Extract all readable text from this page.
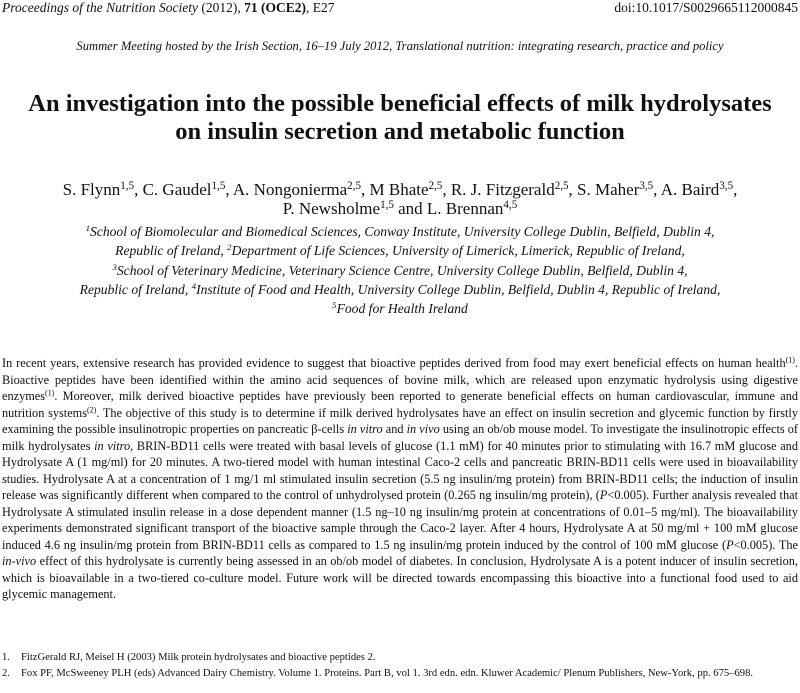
Proceedings of the Nutrition Society (2012), 71 (OCE2), E27	doi:10.1017/S0029665112000845
Summer Meeting hosted by the Irish Section, 16–19 July 2012, Translational nutrition: integrating research, practice and policy
An investigation into the possible beneficial effects of milk hydrolysates
on insulin secretion and metabolic function
S. Flynn$^{1,5}$, C. Gaudel$^{1,5}$, A. Nongonierma$^{2,5}$, M Bhate$^{2,5}$, R. J. Fitzgerald$^{2,5}$, S. Maher$^{3,5}$, A. Baird$^{3,5}$,
P. Newsholme$^{1,5}$ and L. Brennan$^{4,5}$
$^1$School of Biomolecular and Biomedical Sciences, Conway Institute, University College Dublin, Belfield, Dublin 4,
Republic of Ireland, $^2$Department of Life Sciences, University of Limerick, Limerick, Republic of Ireland,
$^3$School of Veterinary Medicine, Veterinary Science Centre, University College Dublin, Belfield, Dublin 4,
Republic of Ireland, $^4$Institute of Food and Health, University College Dublin, Belfield, Dublin 4, Republic of Ireland,
$^5$Food for Health Ireland
In recent years, extensive research has provided evidence to suggest that bioactive peptides derived from food may exert beneficial effects on human health$^{(1)}$. Bioactive peptides have been identified within the amino acid sequences of bovine milk, which are released upon enzymatic hydrolysis using digestive enzymes$^{(1)}$. Moreover, milk derived bioactive peptides have previously been reported to generate beneficial effects on human cardiovascular, immune and nutrition systems$^{(2)}$. The objective of this study is to determine if milk derived hydrolysates have an effect on insulin secretion and glycemic function by firstly examining the possible insulinotropic properties on pancreatic β-cells in vitro and in vivo using an ob/ob mouse model. To investigate the insulinotropic effects of milk hydrolysates in vitro, BRIN-BD11 cells were treated with basal levels of glucose (1.1 mM) for 40 minutes prior to stimulating with 16.7 mM glucose and Hydrolysate A (1 mg/ml) for 20 minutes. A two-tiered model with human intestinal Caco-2 cells and pancreatic BRIN-BD11 cells were used in bioavailability studies. Hydrolysate A at a concentration of 1 mg/1 ml stimulated insulin secretion (5.5 ng insulin/mg protein) from BRIN-BD11 cells; the induction of insulin release was significantly different when compared to the control of unhydrolysed protein (0.265 ng insulin/mg protein), (P<0.005). Further analysis revealed that Hydrolysate A stimulated insulin release in a dose dependent manner (1.5 ng–10 ng insulin/mg protein at concentrations of 0.01–5 mg/ml). The bioavailability experiments demonstrated significant transport of the bioactive sample through the Caco-2 layer. After 4 hours, Hydrolysate A at 50 mg/ml + 100 mM glucose induced 4.6 ng insulin/mg protein from BRIN-BD11 cells as compared to 1.5 ng insulin/mg protein induced by the control of 100 mM glucose (P<0.005). The in-vivo effect of this hydrolysate is currently being assessed in an ob/ob model of diabetes. In conclusion, Hydrolysate A is a potent inducer of insulin secretion, which is bioavailable in a two-tiered co-culture model. Future work will be directed towards encompassing this bioactive into a functional food used to aid glycemic management.
1. FitzGerald RJ, Meisel H (2003) Milk protein hydrolysates and bioactive peptides 2.
2. Fox PF, McSweeney PLH (eds) Advanced Dairy Chemistry. Volume 1. Proteins. Part B, vol 1. 3rd edn. edn. Kluwer Academic/ Plenum Publishers, New-York, pp. 675–698.
